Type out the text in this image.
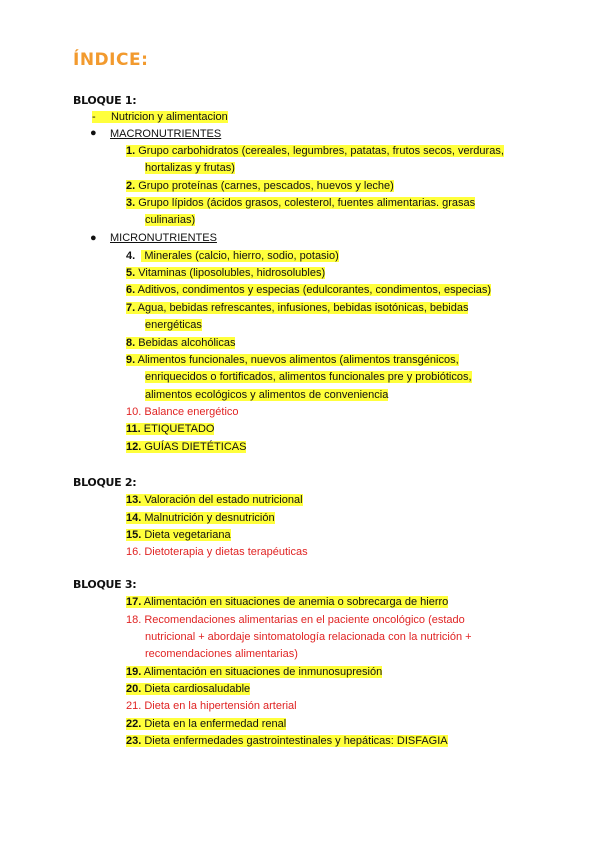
ÍNDICE:
BLOQUE 1:
- Nutricion y alimentacion
● MACRONUTRIENTES
1. Grupo carbohidratos (cereales, legumbres, patatas, frutos secos, verduras,
hortalizas y frutas)
2. Grupo proteínas (carnes, pescados, huevos y leche)
3. Grupo lípidos (ácidos grasos, colesterol, fuentes alimentarias. grasas
culinarias)
● MICRONUTRIENTES
4.   Minerales (calcio, hierro, sodio, potasio)
5. Vitaminas (liposolubles, hidrosolubles)
6. Aditivos, condimentos y especias (edulcorantes, condimentos, especias)
7. Agua, bebidas refrescantes, infusiones, bebidas isotónicas, bebidas
energéticas
8. Bebidas alcohólicas
9. Alimentos funcionales, nuevos alimentos (alimentos transgénicos,
enriquecidos o fortificados, alimentos funcionales pre y probióticos,
alimentos ecológicos y alimentos de conveniencia
10. Balance energético
11. ETIQUETADO
12. GUÍAS DIETÉTICAS
BLOQUE 2:
13. Valoración del estado nutricional
14. Malnutrición y desnutrición
15. Dieta vegetariana
16. Dietoterapia y dietas terapéuticas
BLOQUE 3:
17. Alimentación en situaciones de anemia o sobrecarga de hierro
18. Recomendaciones alimentarias en el paciente oncológico (estado
nutricional + abordaje sintomatología relacionada con la nutrición +
recomendaciones alimentarias)
19. Alimentación en situaciones de inmunosupresión
20. Dieta cardiosaludable
21. Dieta en la hipertensión arterial
22. Dieta en la enfermedad renal
23. Dieta enfermedades gastrointestinales y hepáticas: DISFAGIA
